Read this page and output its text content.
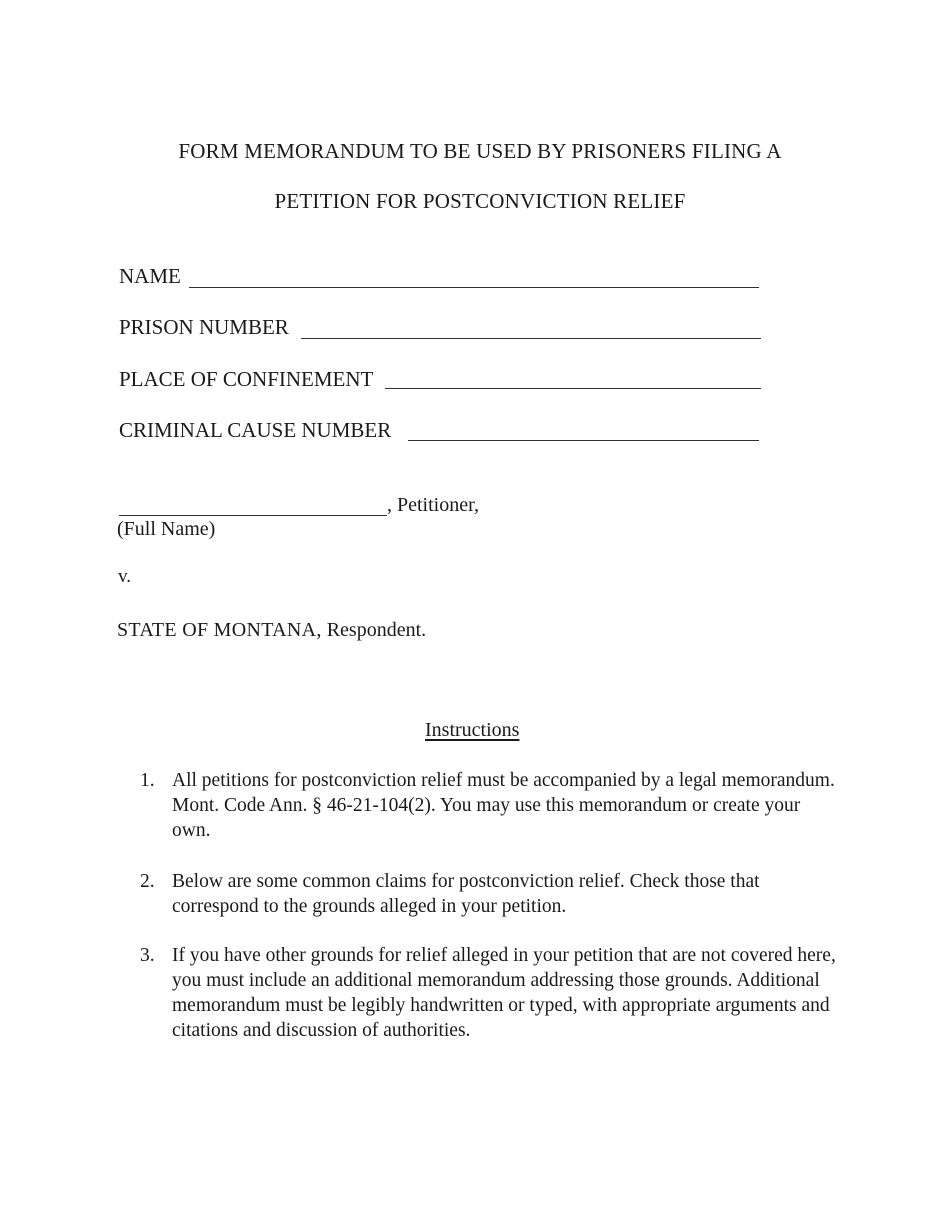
FORM MEMORANDUM TO BE USED BY PRISONERS FILING A
PETITION FOR POSTCONVICTION RELIEF
NAME
PRISON NUMBER
PLACE OF CONFINEMENT
CRIMINAL CAUSE NUMBER
, Petitioner,
(Full Name)
v.
STATE OF MONTANA, Respondent.
Instructions
1. All petitions for postconviction relief must be accompanied by a legal memorandum. Mont. Code Ann. § 46-21-104(2). You may use this memorandum or create your own.
2. Below are some common claims for postconviction relief. Check those that correspond to the grounds alleged in your petition.
3. If you have other grounds for relief alleged in your petition that are not covered here, you must include an additional memorandum addressing those grounds. Additional memorandum must be legibly handwritten or typed, with appropriate arguments and citations and discussion of authorities.
